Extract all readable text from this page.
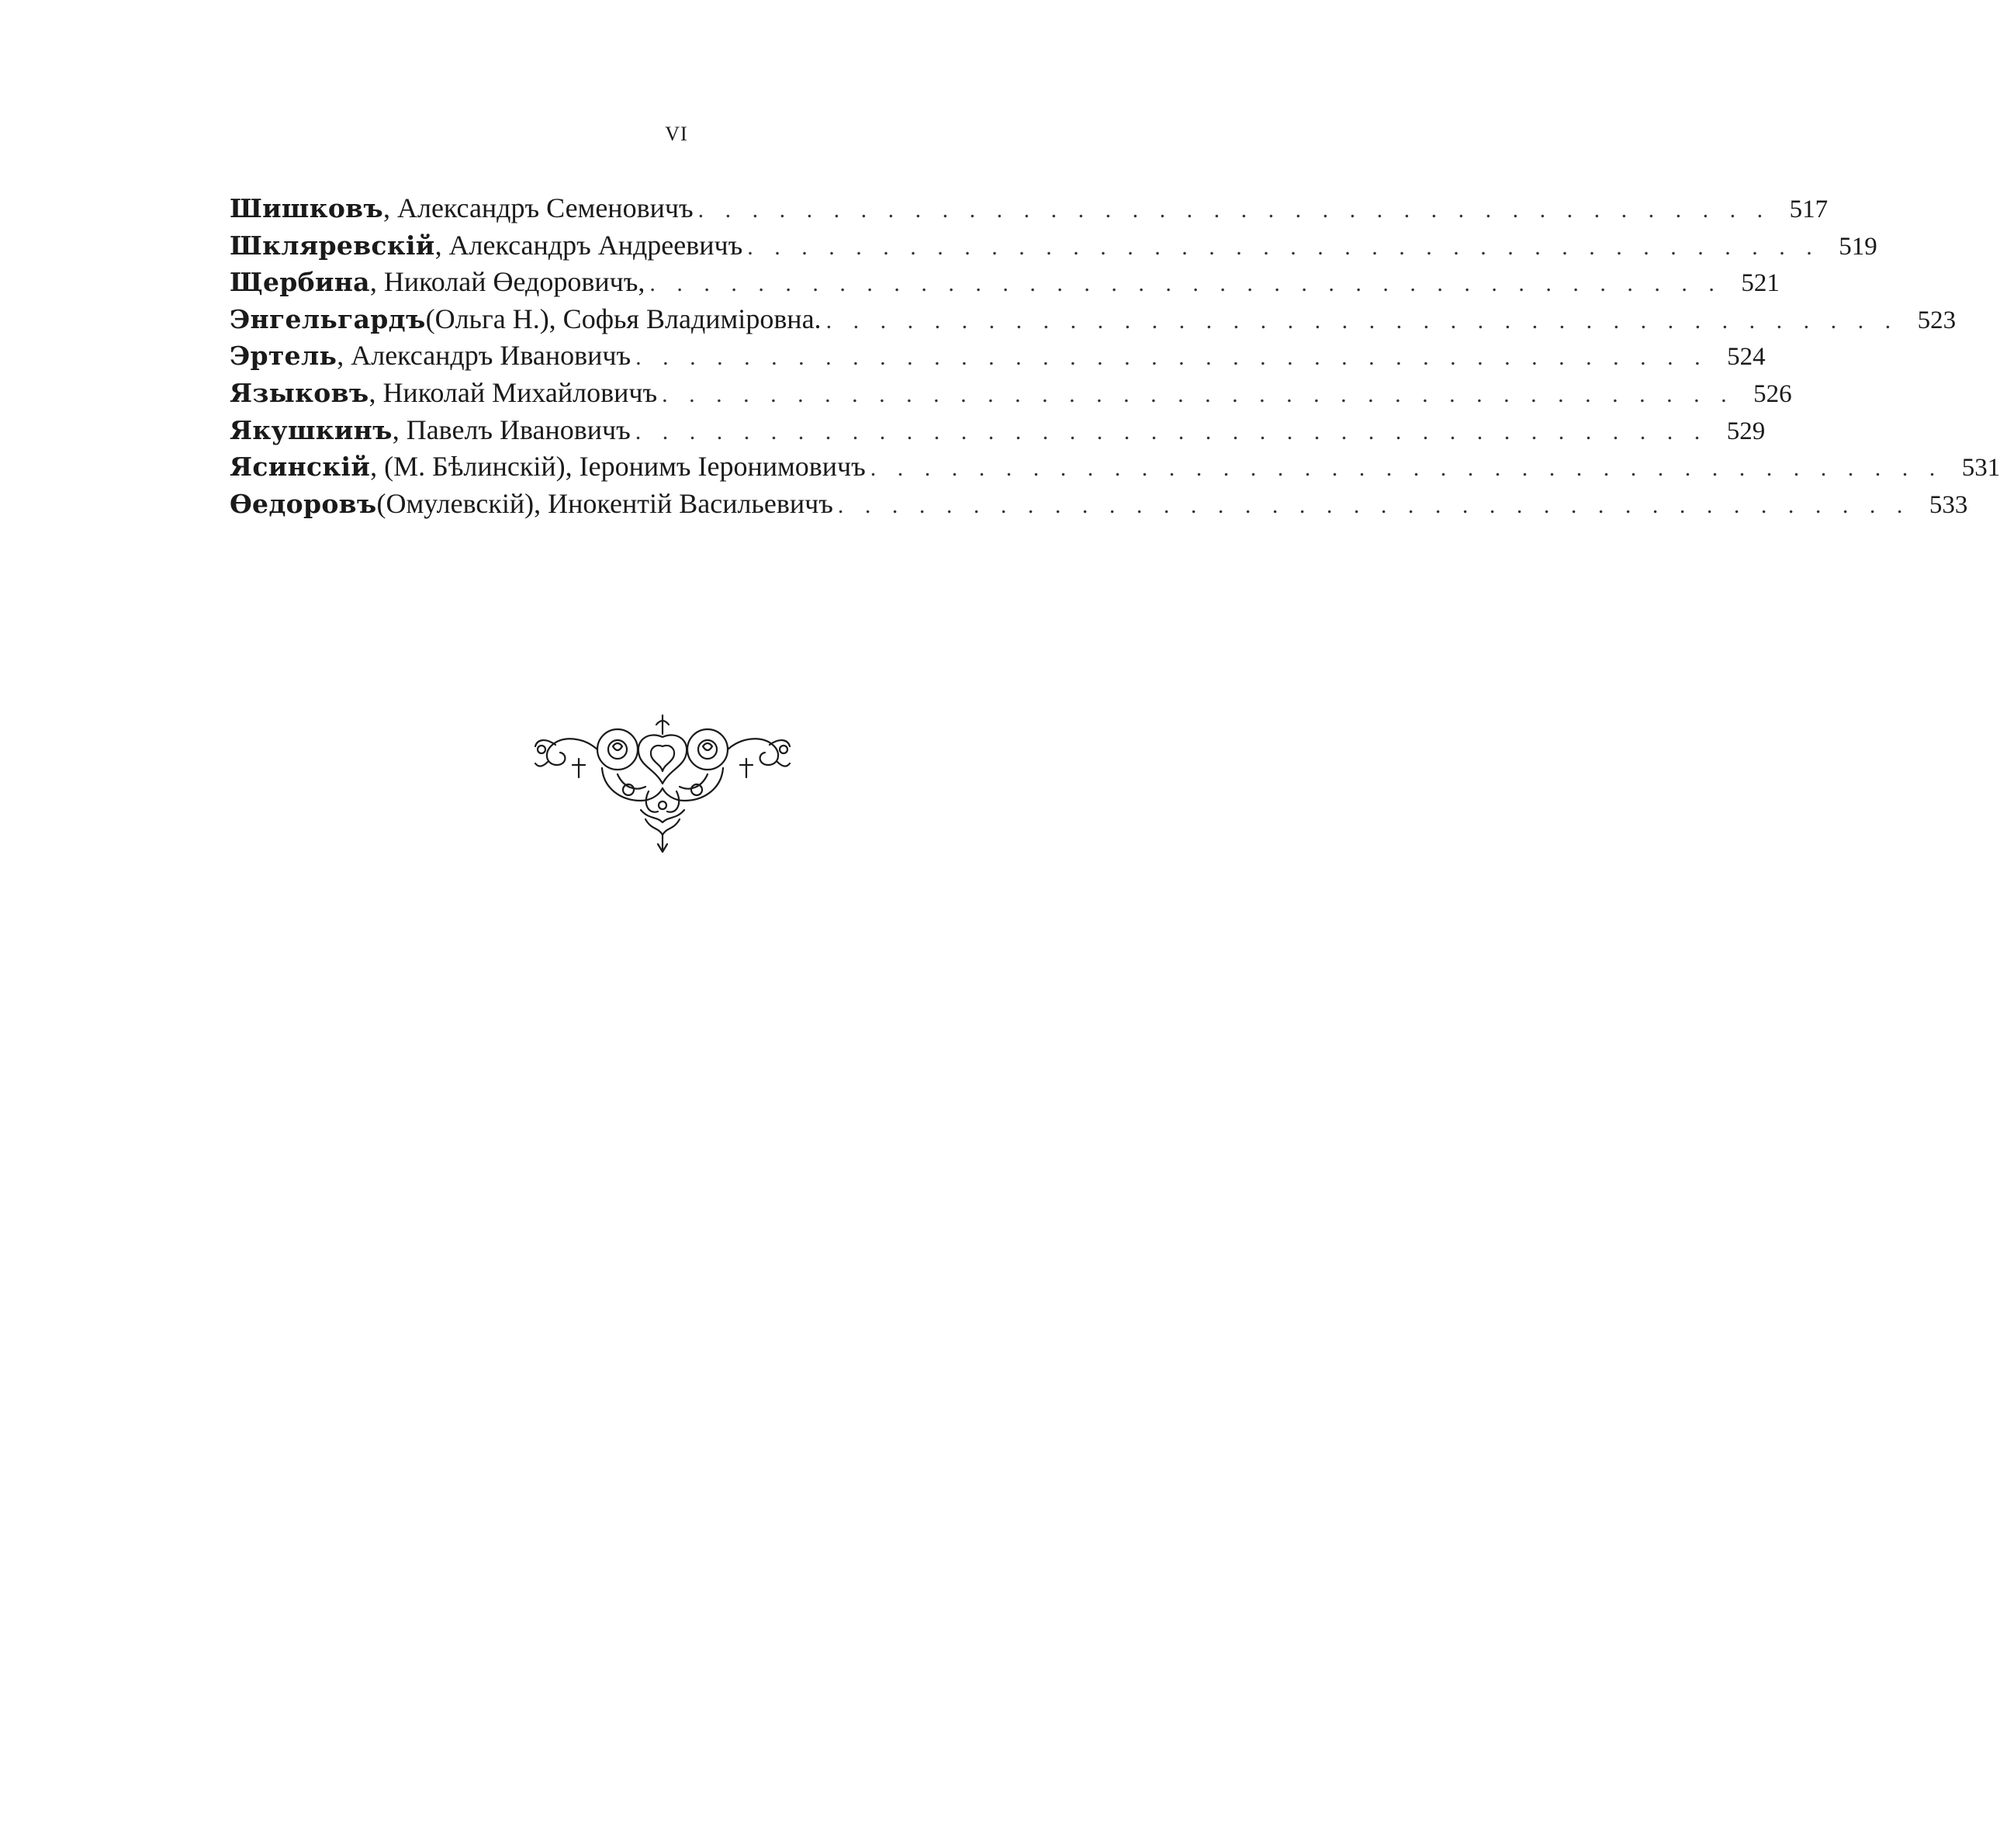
VI
Шишковъ , Александръ Семеновичъ . . . . . . . . . . . . . . . . . . . . . . . . . . . . . . . . . . . . . . . . 517
Шкляревскій , Александръ Андреевичъ . . . . . . . . . . . . . . . . . . . . . . . . . . . . . . . . . . . . . . . . 519
Щербина , Николай Өедоровичъ, . . . . . . . . . . . . . . . . . . . . . . . . . . . . . . . . . . . . . . . . 521
Энгельгардъ (Ольга Н.), Софья Владиміровна. . . . . . . . . . . . . . . . . . . . . . . . . . . . . . . . . . . . . . . . . 523
Эртель , Александръ Ивановичъ . . . . . . . . . . . . . . . . . . . . . . . . . . . . . . . . . . . . . . . . 524
Языковъ , Николай Михайловичъ . . . . . . . . . . . . . . . . . . . . . . . . . . . . . . . . . . . . . . . . 526
Якушкинъ , Павелъ Ивановичъ . . . . . . . . . . . . . . . . . . . . . . . . . . . . . . . . . . . . . . . . 529
Ясинскій , (М. Бѣлинскій), Іеронимъ Іеронимовичъ . . . . . . . . . . . . . . . . . . . . . . . . . . . . . . . . . . . . . . . . 531
Өедоровъ (Омулевскій), Инокентій Васильевичъ . . . . . . . . . . . . . . . . . . . . . . . . . . . . . . . . . . . . . . . . 533
